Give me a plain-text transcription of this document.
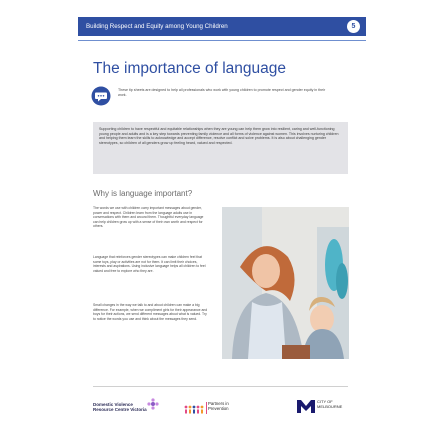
Building Respect and Equity among Young Children	5
The importance of language
These tip sheets are designed to help all professionals who work with young children to promote respect and gender equity in their work.
Supporting children to have respectful and equitable relationships when they are young can help them grow into resilient, caring and well-functioning young people and adults and is a key step towards preventing family violence and all forms of violence against women. This involves nurturing children and helping them learn the skills to acknowledge and accept difference, resolve conflict and solve problems. It is also about challenging gender stereotypes, so children of all genders grow up feeling heard, valued and respected.
Why is language important?
The words we use with children carry important messages about gender, power and respect. Children learn from the language adults use in conversations with them and around them. Thoughtful everyday language can help children grow up with a sense of their own worth and respect for others.
Language that reinforces gender stereotypes can make children feel that some toys, play or activities are not for them. It can limit their choices, interests and aspirations. Using inclusive language helps all children to feel valued and free to explore who they are.
Small changes in the way we talk to and about children can make a big difference. For example, when we compliment girls for their appearance and boys for their actions, we send different messages about what is valued. Try to notice the words you use and think about the messages they send.
Domestic Violence
Resource Centre Victoria
Partners in
Prevention
CITY OF
MELBOURNE
